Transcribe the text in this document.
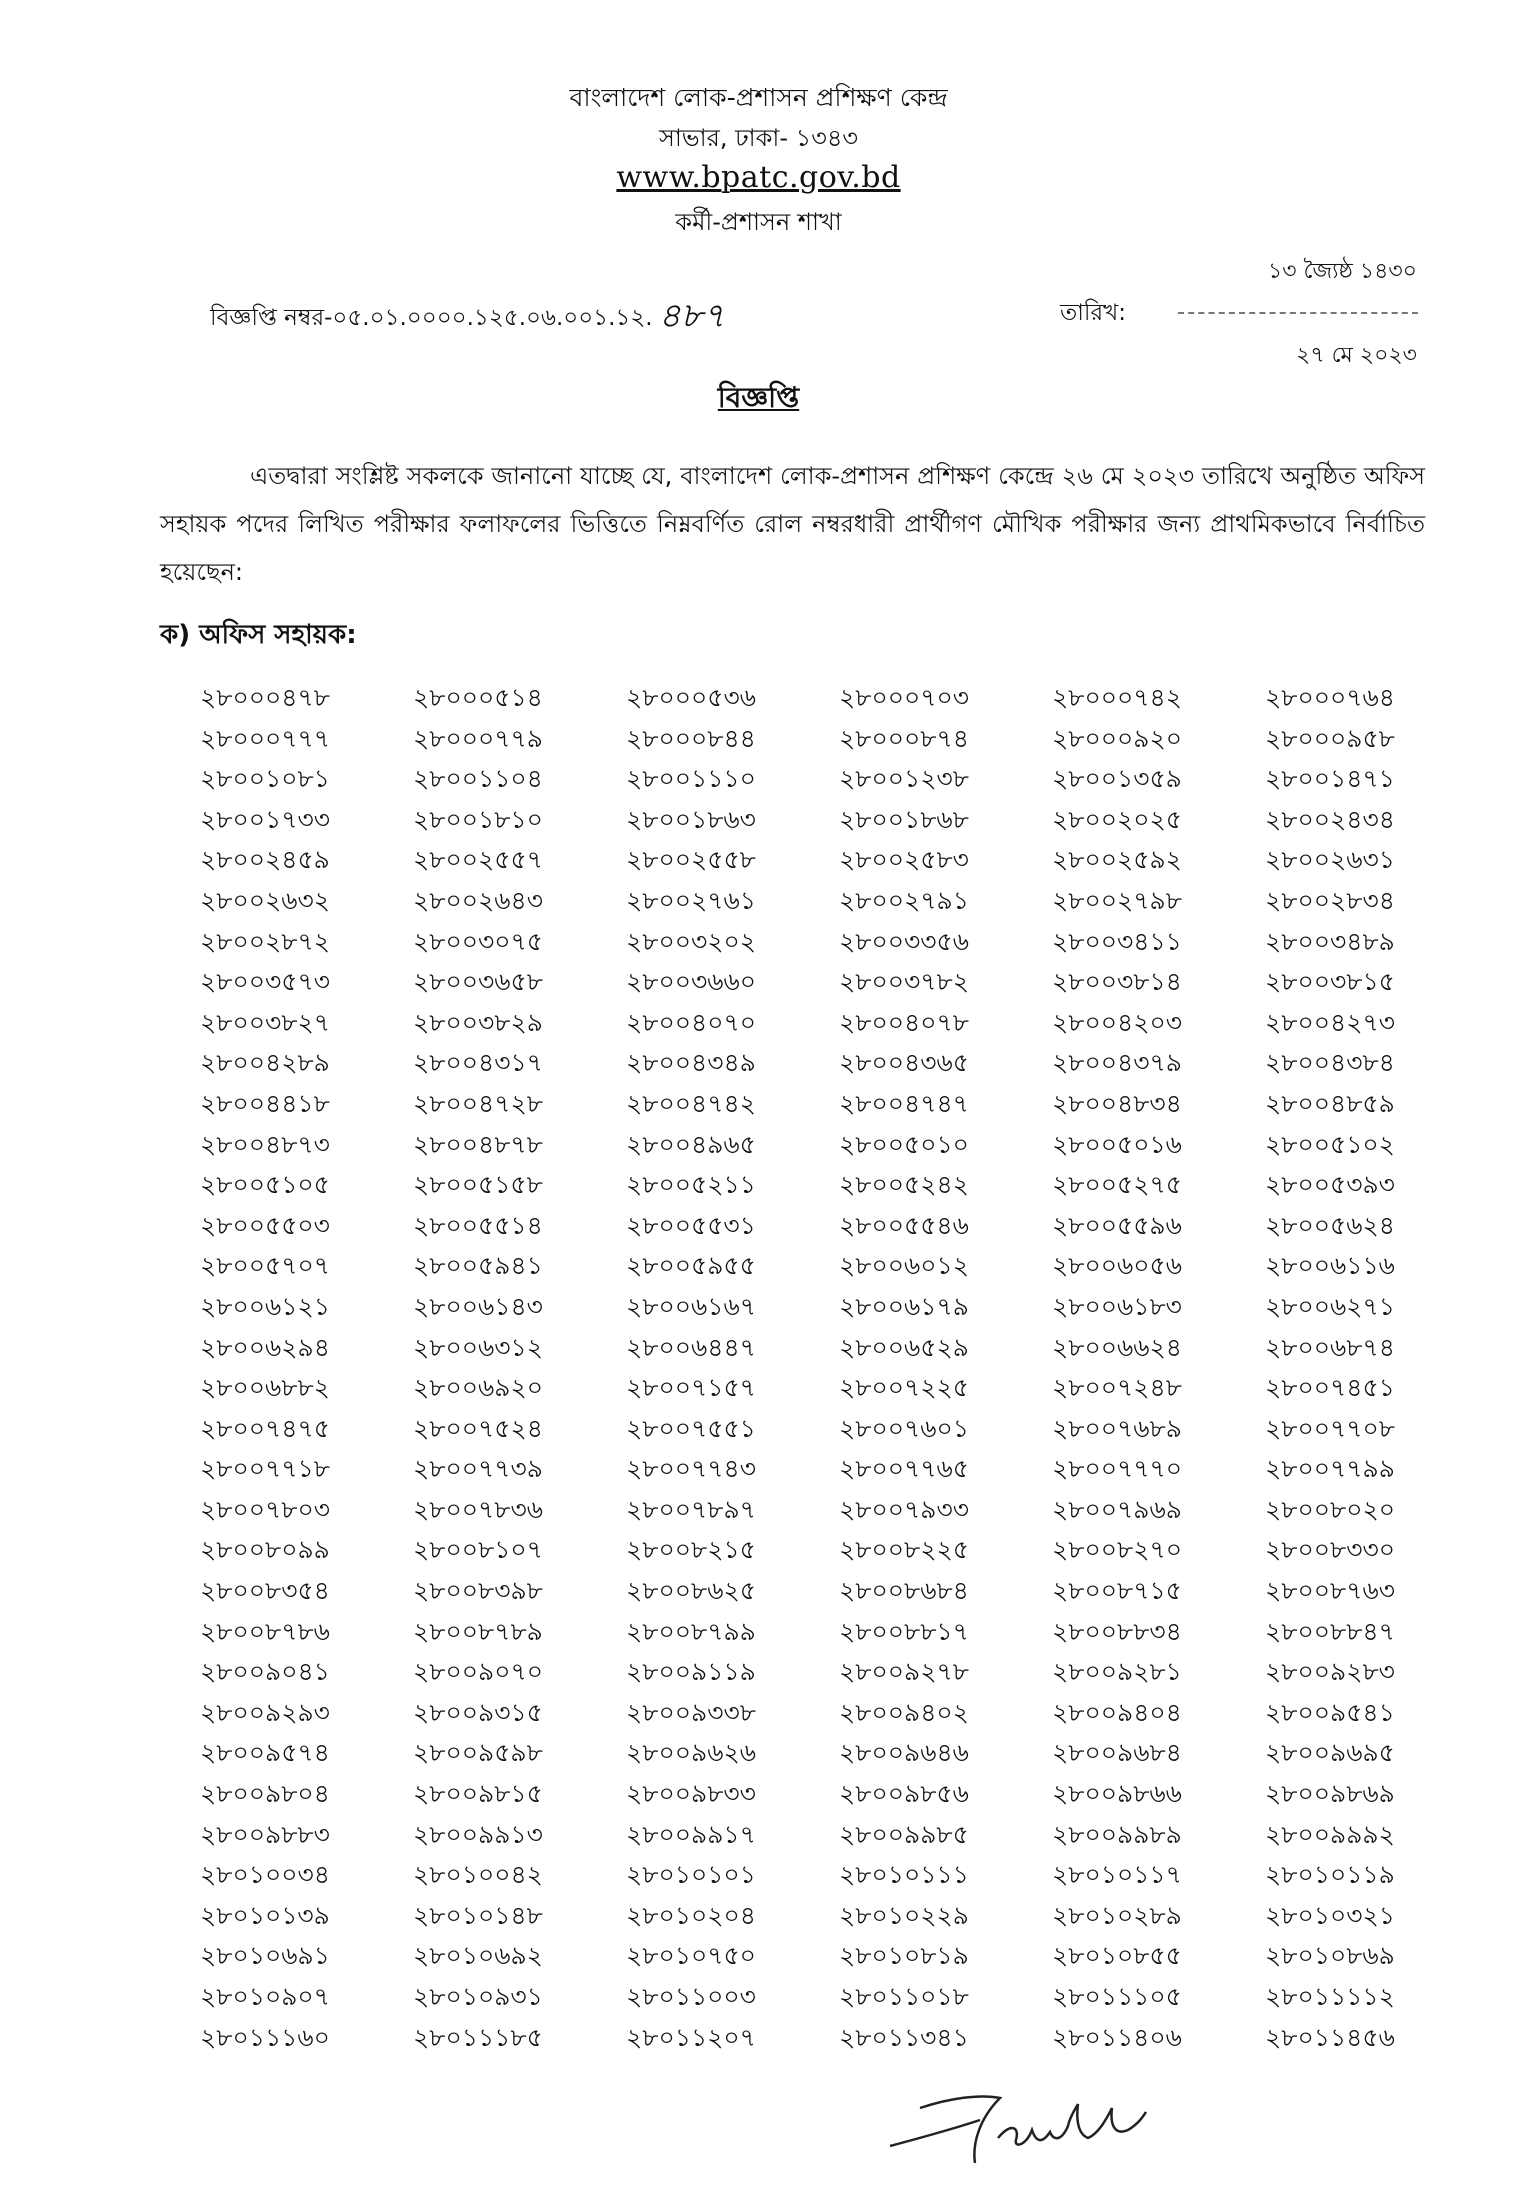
বাংলাদেশ লোক-প্রশাসন প্রশিক্ষণ কেন্দ্র
সাভার, ঢাকা- ১৩৪৩
www.bpatc.gov.bd
কর্মী-প্রশাসন শাখা
১৩ জ্যৈষ্ঠ ১৪৩০
বিজ্ঞপ্তি নম্বর-০৫.০১.০০০০.১২৫.০৬.০০১.১২. ৪৮৭	তারিখ:
২৭ মে ২০২৩
বিজ্ঞপ্তি
এতদ্বারা সংশ্লিষ্ট সকলকে জানানো যাচ্ছে যে, বাংলাদেশ লোক-প্রশাসন প্রশিক্ষণ কেন্দ্রে ২৬ মে ২০২৩ তারিখে অনুষ্ঠিত অফিস সহায়ক পদের লিখিত পরীক্ষার ফলাফলের ভিত্তিতে নিম্নবর্ণিত রোল নম্বরধারী প্রার্থীগণ মৌখিক পরীক্ষার জন্য প্রাথমিকভাবে নির্বাচিত হয়েছেন:
ক) অফিস সহায়ক:
২৮০০০৪৭৮	২৮০০০৫১৪	২৮০০০৫৩৬	২৮০০০৭০৩	২৮০০০৭৪২	২৮০০০৭৬৪
২৮০০০৭৭৭	২৮০০০৭৭৯	২৮০০০৮৪৪	২৮০০০৮৭৪	২৮০০০৯২০	২৮০০০৯৫৮
২৮০০১০৮১	২৮০০১১০৪	২৮০০১১১০	২৮০০১২৩৮	২৮০০১৩৫৯	২৮০০১৪৭১
২৮০০১৭৩৩	২৮০০১৮১০	২৮০০১৮৬৩	২৮০০১৮৬৮	২৮০০২০২৫	২৮০০২৪৩৪
২৮০০২৪৫৯	২৮০০২৫৫৭	২৮০০২৫৫৮	২৮০০২৫৮৩	২৮০০২৫৯২	২৮০০২৬৩১
২৮০০২৬৩২	২৮০০২৬৪৩	২৮০০২৭৬১	২৮০০২৭৯১	২৮০০২৭৯৮	২৮০০২৮৩৪
২৮০০২৮৭২	২৮০০৩০৭৫	২৮০০৩২০২	২৮০০৩৩৫৬	২৮০০৩৪১১	২৮০০৩৪৮৯
২৮০০৩৫৭৩	২৮০০৩৬৫৮	২৮০০৩৬৬০	২৮০০৩৭৮২	২৮০০৩৮১৪	২৮০০৩৮১৫
২৮০০৩৮২৭	২৮০০৩৮২৯	২৮০০৪০৭০	২৮০০৪০৭৮	২৮০০৪২০৩	২৮০০৪২৭৩
২৮০০৪২৮৯	২৮০০৪৩১৭	২৮০০৪৩৪৯	২৮০০৪৩৬৫	২৮০০৪৩৭৯	২৮০০৪৩৮৪
২৮০০৪৪১৮	২৮০০৪৭২৮	২৮০০৪৭৪২	২৮০০৪৭৪৭	২৮০০৪৮৩৪	২৮০০৪৮৫৯
২৮০০৪৮৭৩	২৮০০৪৮৭৮	২৮০০৪৯৬৫	২৮০০৫০১০	২৮০০৫০১৬	২৮০০৫১০২
২৮০০৫১০৫	২৮০০৫১৫৮	২৮০০৫২১১	২৮০০৫২৪২	২৮০০৫২৭৫	২৮০০৫৩৯৩
২৮০০৫৫০৩	২৮০০৫৫১৪	২৮০০৫৫৩১	২৮০০৫৫৪৬	২৮০০৫৫৯৬	২৮০০৫৬২৪
২৮০০৫৭০৭	২৮০০৫৯৪১	২৮০০৫৯৫৫	২৮০০৬০১২	২৮০০৬০৫৬	২৮০০৬১১৬
২৮০০৬১২১	২৮০০৬১৪৩	২৮০০৬১৬৭	২৮০০৬১৭৯	২৮০০৬১৮৩	২৮০০৬২৭১
২৮০০৬২৯৪	২৮০০৬৩১২	২৮০০৬৪৪৭	২৮০০৬৫২৯	২৮০০৬৬২৪	২৮০০৬৮৭৪
২৮০০৬৮৮২	২৮০০৬৯২০	২৮০০৭১৫৭	২৮০০৭২২৫	২৮০০৭২৪৮	২৮০০৭৪৫১
২৮০০৭৪৭৫	২৮০০৭৫২৪	২৮০০৭৫৫১	২৮০০৭৬০১	২৮০০৭৬৮৯	২৮০০৭৭০৮
২৮০০৭৭১৮	২৮০০৭৭৩৯	২৮০০৭৭৪৩	২৮০০৭৭৬৫	২৮০০৭৭৭০	২৮০০৭৭৯৯
২৮০০৭৮০৩	২৮০০৭৮৩৬	২৮০০৭৮৯৭	২৮০০৭৯৩৩	২৮০০৭৯৬৯	২৮০০৮০২০
২৮০০৮০৯৯	২৮০০৮১০৭	২৮০০৮২১৫	২৮০০৮২২৫	২৮০০৮২৭০	২৮০০৮৩৩০
২৮০০৮৩৫৪	২৮০০৮৩৯৮	২৮০০৮৬২৫	২৮০০৮৬৮৪	২৮০০৮৭১৫	২৮০০৮৭৬৩
২৮০০৮৭৮৬	২৮০০৮৭৮৯	২৮০০৮৭৯৯	২৮০০৮৮১৭	২৮০০৮৮৩৪	২৮০০৮৮৪৭
২৮০০৯০৪১	২৮০০৯০৭০	২৮০০৯১১৯	২৮০০৯২৭৮	২৮০০৯২৮১	২৮০০৯২৮৩
২৮০০৯২৯৩	২৮০০৯৩১৫	২৮০০৯৩৩৮	২৮০০৯৪০২	২৮০০৯৪০৪	২৮০০৯৫৪১
২৮০০৯৫৭৪	২৮০০৯৫৯৮	২৮০০৯৬২৬	২৮০০৯৬৪৬	২৮০০৯৬৮৪	২৮০০৯৬৯৫
২৮০০৯৮০৪	২৮০০৯৮১৫	২৮০০৯৮৩৩	২৮০০৯৮৫৬	২৮০০৯৮৬৬	২৮০০৯৮৬৯
২৮০০৯৮৮৩	২৮০০৯৯১৩	২৮০০৯৯১৭	২৮০০৯৯৮৫	২৮০০৯৯৮৯	২৮০০৯৯৯২
২৮০১০০৩৪	২৮০১০০৪২	২৮০১০১০১	২৮০১০১১১	২৮০১০১১৭	২৮০১০১১৯
২৮০১০১৩৯	২৮০১০১৪৮	২৮০১০২০৪	২৮০১০২২৯	২৮০১০২৮৯	২৮০১০৩২১
২৮০১০৬৯১	২৮০১০৬৯২	২৮০১০৭৫০	২৮০১০৮১৯	২৮০১০৮৫৫	২৮০১০৮৬৯
২৮০১০৯০৭	২৮০১০৯৩১	২৮০১১০০৩	২৮০১১০১৮	২৮০১১১০৫	২৮০১১১১২
২৮০১১১৬০	২৮০১১১৮৫	২৮০১১২০৭	২৮০১১৩৪১	২৮০১১৪০৬	২৮০১১৪৫৬
